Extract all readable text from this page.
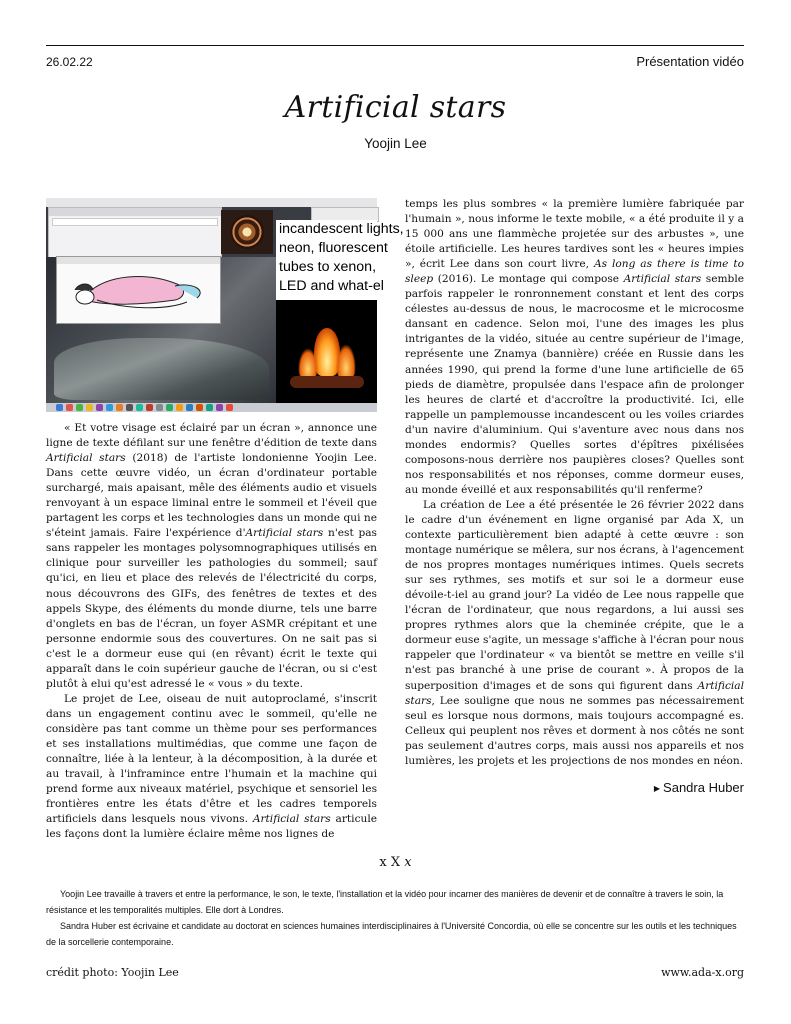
26.02.22	Présentation vidéo
Artificial stars
Yoojin Lee
incandescent lights,
neon, fluorescent
tubes to xenon,
LED and what-el

« Et votre visage est éclairé par un écran », annonce une ligne de texte défilant sur une fenêtre d'édition de texte dans Artificial stars (2018) de l'artiste londonienne Yoojin Lee. Dans cette œuvre vidéo, un écran d'ordinateur portable surchargé, mais apaisant, mêle des éléments audio et visuels renvoyant à un espace liminal entre le sommeil et l'éveil que partagent les corps et les technologies dans un monde qui ne s'éteint jamais. Faire l'expérience d'Artificial stars n'est pas sans rappeler les montages polysomnographiques utilisés en clinique pour surveiller les pathologies du sommeil; sauf qu'ici, en lieu et place des relevés de l'électricité du corps, nous découvrons des GIFs, des fenêtres de textes et des appels Skype, des éléments du monde diurne, tels une barre d'onglets en bas de l'écran, un foyer ASMR crépitant et une personne endormie sous des couvertures. On ne sait pas si c'est le a dormeur euse qui (en rêvant) écrit le texte qui apparaît dans le coin supérieur gauche de l'écran, ou si c'est plutôt à elui qu'est adressé le « vous » du texte.

Le projet de Lee, oiseau de nuit autoproclamé, s'inscrit dans un engagement continu avec le sommeil, qu'elle ne considère pas tant comme un thème pour ses performances et ses installations multimédias, que comme une façon de connaître, liée à la lenteur, à la décomposition, à la durée et au travail, à l'inframince entre l'humain et la machine qui prend forme aux niveaux matériel, psychique et sensoriel les frontières entre les états d'être et les cadres temporels artificiels dans lesquels nous vivons. Artificial stars articule les façons dont la lumière éclaire même nos lignes de

temps les plus sombres « la première lumière fabriquée par l'humain », nous informe le texte mobile, « a été produite il y a 15 000 ans une flammèche projetée sur des arbustes », une étoile artificielle. Les heures tardives sont les « heures impies », écrit Lee dans son court livre, As long as there is time to sleep (2016). Le montage qui compose Artificial stars semble parfois rappeler le ronronnement constant et lent des corps célestes au-dessus de nous, le macrocosme et le microcosme dansant en cadence. Selon moi, l'une des images les plus intrigantes de la vidéo, située au centre supérieur de l'image, représente une Znamya (bannière) créée en Russie dans les années 1990, qui prend la forme d'une lune artificielle de 65 pieds de diamètre, propulsée dans l'espace afin de prolonger les heures de clarté et d'accroître la productivité. Ici, elle rappelle un pamplemousse incandescent ou les voiles criardes d'un navire d'aluminium. Qui s'aventure avec nous dans nos mondes endormis? Quelles sortes d'épîtres pixélisées composons-nous derrière nos paupières closes? Quelles sont nos responsabilités et nos réponses, comme dormeur euses, au monde éveillé et aux responsabilités qu'il renferme?

La création de Lee a été présentée le 26 février 2022 dans le cadre d'un événement en ligne organisé par Ada X, un contexte particulièrement bien adapté à cette œuvre : son montage numérique se mêlera, sur nos écrans, à l'agencement de nos propres montages numériques intimes. Quels secrets sur ses rythmes, ses motifs et sur soi le a dormeur euse dévoile-t-iel au grand jour? La vidéo de Lee nous rappelle que l'écran de l'ordinateur, que nous regardons, a lui aussi ses propres rythmes alors que la cheminée crépite, que le a dormeur euse s'agite, un message s'affiche à l'écran pour nous rappeler que l'ordinateur « va bientôt se mettre en veille s'il n'est pas branché à une prise de courant ». À propos de la superposition d'images et de sons qui figurent dans Artificial stars, Lee souligne que nous ne sommes pas nécessairement seul es lorsque nous dormons, mais toujours accompagné es. Celleux qui peuplent nos rêves et dorment à nos côtés ne sont pas seulement d'autres corps, mais aussi nos appareils et nos lumières, les projets et les projections de nos mondes en néon.

▶ Sandra Huber
x X 𝑥

Yoojin Lee travaille à travers et entre la performance, le son, le texte, l'installation et la vidéo pour incarner des manières de devenir et de connaître à travers le soin, la résistance et les temporalités multiples. Elle dort à Londres.

Sandra Huber est écrivaine et candidate au doctorat en sciences humaines interdisciplinaires à l'Université Concordia, où elle se concentre sur les outils et les techniques de la sorcellerie contemporaine.

crédit photo: Yoojin Lee	www.ada-x.org
